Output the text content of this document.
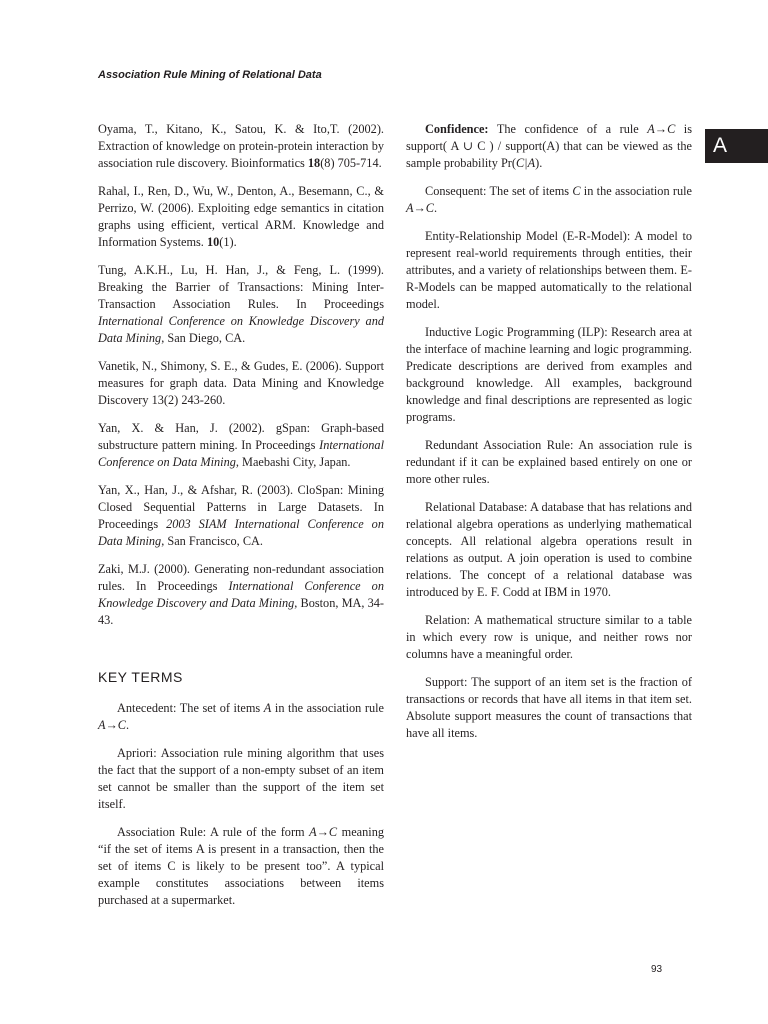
Association Rule Mining of Relational Data
A

Oyama, T., Kitano, K., Satou, K. & Ito,T. (2002). Extraction of knowledge on protein-protein interaction by association rule discovery. Bioinformatics 18(8) 705-714.

Rahal, I., Ren, D., Wu, W., Denton, A., Besemann, C., & Perrizo, W. (2006). Exploiting edge semantics in citation graphs using efficient, vertical ARM. Knowledge and Information Systems. 10(1).

Tung, A.K.H., Lu, H. Han, J., & Feng, L. (1999). Breaking the Barrier of Transactions: Mining Inter-Transaction Association Rules. In Proceedings International Conference on Knowledge Discovery and Data Mining, San Diego, CA.

Vanetik, N., Shimony, S. E., & Gudes, E. (2006). Support measures for graph data. Data Mining and Knowledge Discovery 13(2) 243-260.

Yan, X. & Han, J. (2002). gSpan: Graph-based substructure pattern mining. In Proceedings International Conference on Data Mining, Maebashi City, Japan.

Yan, X., Han, J., & Afshar, R. (2003). CloSpan: Mining Closed Sequential Patterns in Large Datasets. In Proceedings 2003 SIAM International Conference on Data Mining, San Francisco, CA.

Zaki, M.J. (2000). Generating non-redundant association rules. In Proceedings International Conference on Knowledge Discovery and Data Mining, Boston, MA, 34-43.

KEY TERMS

Antecedent: The set of items A in the association rule A→C.

Apriori: Association rule mining algorithm that uses the fact that the support of a non-empty subset of an item set cannot be smaller than the support of the item set itself.

Association Rule: A rule of the form A→C meaning “if the set of items A is present in a transaction, then the set of items C is likely to be present too”. A typical example constitutes associations between items purchased at a supermarket.

Confidence: The confidence of a rule A→C is support( A ∪ C ) / support(A) that can be viewed as the sample probability Pr(C|A).

Consequent: The set of items C in the association rule A→C.

Entity-Relationship Model (E-R-Model): A model to represent real-world requirements through entities, their attributes, and a variety of relationships between them. E-R-Models can be mapped automatically to the relational model.

Inductive Logic Programming (ILP): Research area at the interface of machine learning and logic programming. Predicate descriptions are derived from examples and background knowledge. All examples, background knowledge and final descriptions are represented as logic programs.

Redundant Association Rule: An association rule is redundant if it can be explained based entirely on one or more other rules.

Relational Database: A database that has relations and relational algebra operations as underlying mathematical concepts. All relational algebra operations result in relations as output. A join operation is used to combine relations. The concept of a relational database was introduced by E. F. Codd at IBM in 1970.

Relation: A mathematical structure similar to a table in which every row is unique, and neither rows nor columns have a meaningful order.

Support: The support of an item set is the fraction of transactions or records that have all items in that item set. Absolute support measures the count of transactions that have all items.

93
